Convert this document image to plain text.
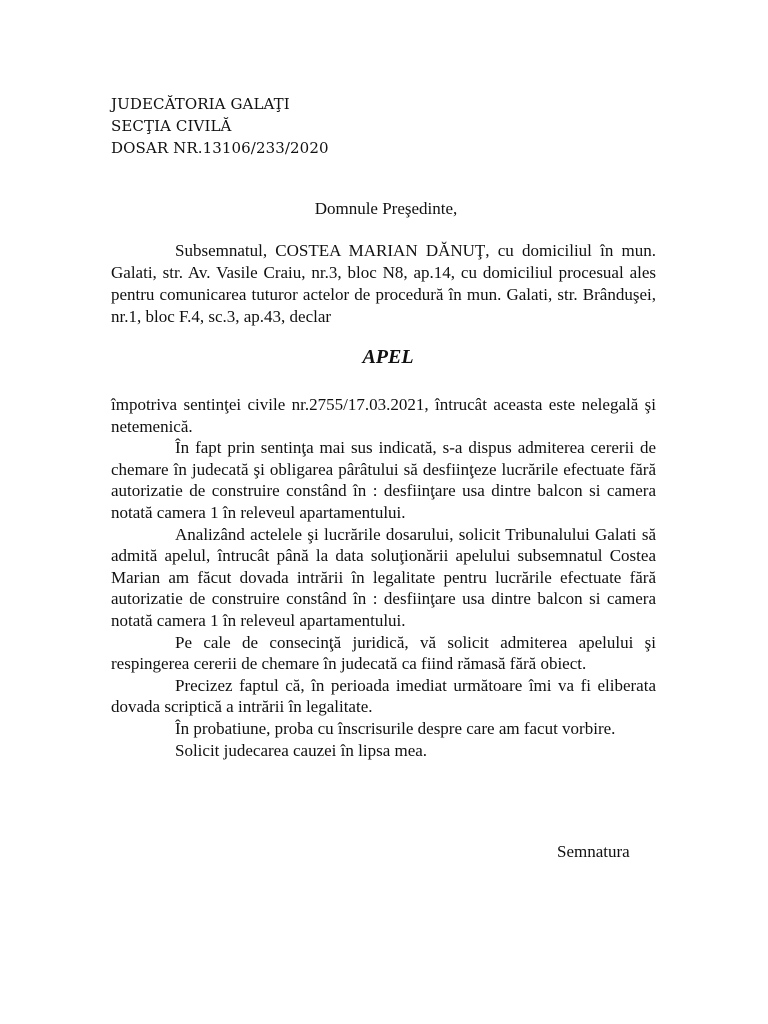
JUDECĂTORIA GALAŢI
SECŢIA CIVILĂ
DOSAR NR.13106/233/2020
Domnule Preşedinte,
Subsemnatul, COSTEA MARIAN DĂNUŢ, cu domiciliul în mun. Galati, str. Av. Vasile Craiu, nr.3, bloc N8, ap.14, cu domiciliul procesual ales pentru comunicarea tuturor actelor de procedură în mun. Galati, str. Brânduşei, nr.1, bloc F.4, sc.3, ap.43, declar
APEL

împotriva sentinţei civile nr.2755/17.03.2021, întrucât aceasta este nelegală şi netemenică.

În fapt prin sentinţa mai sus indicată, s-a dispus admiterea cererii de chemare în judecată şi obligarea pârâtului să desfiinţeze lucrările efectuate fără autorizatie de construire constând în : desfiinţare usa dintre balcon si camera notată camera 1 în releveul apartamentului.

Analizând actelele şi lucrările dosarului, solicit Tribunalului Galati să admită apelul, întrucât până la data soluţionării apelului subsemnatul Costea Marian am făcut dovada intrării în legalitate pentru lucrările efectuate fără autorizatie de construire constând în : desfiinţare usa dintre balcon si camera notată camera 1 în releveul apartamentului.

Pe cale de consecinţă juridică, vă solicit admiterea apelului şi respingerea cererii de chemare în judecată ca fiind rămasă fără obiect.

Precizez faptul că, în perioada imediat următoare îmi va fi eliberata dovada scriptică a intrării în legalitate.

În probatiune, proba cu înscrisurile despre care am facut vorbire.

Solicit judecarea cauzei în lipsa mea.

Semnatura
